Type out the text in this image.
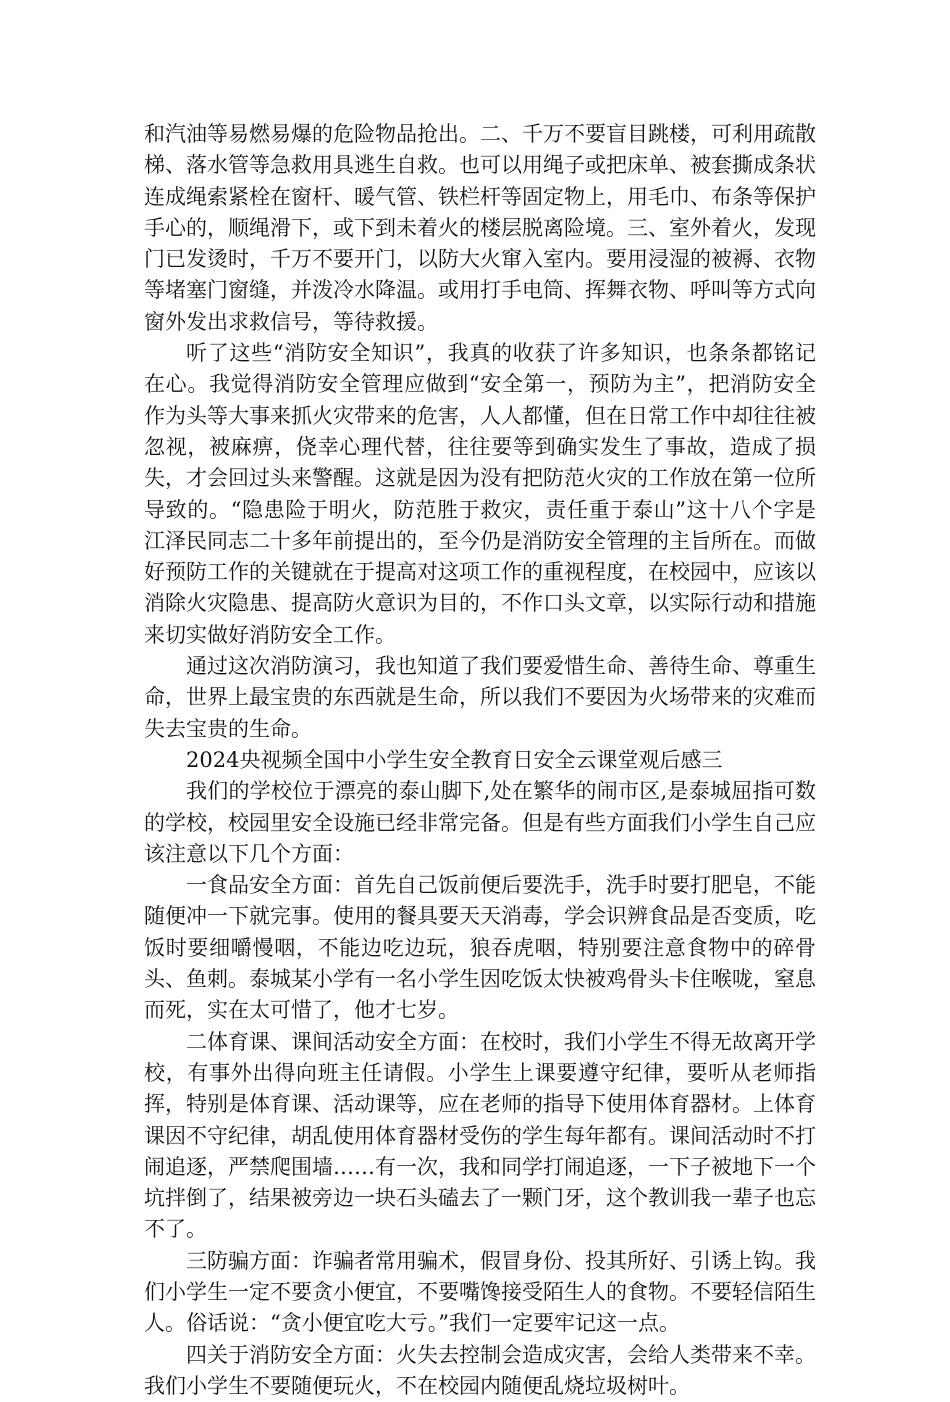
和汽油等易燃易爆的危险物品抢出。二、千万不要盲目跳楼，可利用疏散梯、落水管等急救用具逃生自救。也可以用绳子或把床单、被套撕成条状连成绳索紧栓在窗杆、暖气管、铁栏杆等固定物上，用毛巾、布条等保护手心的，顺绳滑下，或下到未着火的楼层脱离险境。三、室外着火，发现门已发烫时，千万不要开门，以防大火窜入室内。要用浸湿的被褥、衣物等堵塞门窗缝，并泼冷水降温。或用打手电筒、挥舞衣物、呼叫等方式向窗外发出求救信号，等待救援。

听了这些“消防安全知识”，我真的收获了许多知识，也条条都铭记在心。我觉得消防安全管理应做到“安全第一，预防为主”，把消防安全作为头等大事来抓火灾带来的危害，人人都懂，但在日常工作中却往往被忽视，被麻痹，侥幸心理代替，往往要等到确实发生了事故，造成了损失，才会回过头来警醒。这就是因为没有把防范火灾的工作放在第一位所导致的。“隐患险于明火，防范胜于救灾，责任重于泰山”这十八个字是江泽民同志二十多年前提出的，至今仍是消防安全管理的主旨所在。而做好预防工作的关键就在于提高对这项工作的重视程度，在校园中，应该以消除火灾隐患、提高防火意识为目的，不作口头文章，以实际行动和措施来切实做好消防安全工作。

通过这次消防演习，我也知道了我们要爱惜生命、善待生命、尊重生命，世界上最宝贵的东西就是生命，所以我们不要因为火场带来的灾难而失去宝贵的生命。

2024央视频全国中小学生安全教育日安全云课堂观后感三

我们的学校位于漂亮的泰山脚下,处在繁华的闹市区,是泰城屈指可数的学校，校园里安全设施已经非常完备。但是有些方面我们小学生自己应该注意以下几个方面：

一食品安全方面：首先自己饭前便后要洗手，洗手时要打肥皂，不能随便冲一下就完事。使用的餐具要天天消毒，学会识辨食品是否变质，吃饭时要细嚼慢咽，不能边吃边玩，狼吞虎咽，特别要注意食物中的碎骨头、鱼刺。泰城某小学有一名小学生因吃饭太快被鸡骨头卡住喉咙，窒息而死，实在太可惜了，他才七岁。

二体育课、课间活动安全方面：在校时，我们小学生不得无故离开学校，有事外出得向班主任请假。小学生上课要遵守纪律，要听从老师指挥，特别是体育课、活动课等，应在老师的指导下使用体育器材。上体育课因不守纪律，胡乱使用体育器材受伤的学生每年都有。课间活动时不打闹追逐，严禁爬围墙……有一次，我和同学打闹追逐，一下子被地下一个坑拌倒了，结果被旁边一块石头磕去了一颗门牙，这个教训我一辈子也忘不了。

三防骗方面：诈骗者常用骗术，假冒身份、投其所好、引诱上钩。我们小学生一定不要贪小便宜，不要嘴馋接受陌生人的食物。不要轻信陌生人。俗话说：“贪小便宜吃大亏。”我们一定要牢记这一点。

四关于消防安全方面：火失去控制会造成灾害，会给人类带来不幸。我们小学生不要随便玩火，不在校园内随便乱烧垃圾树叶。
